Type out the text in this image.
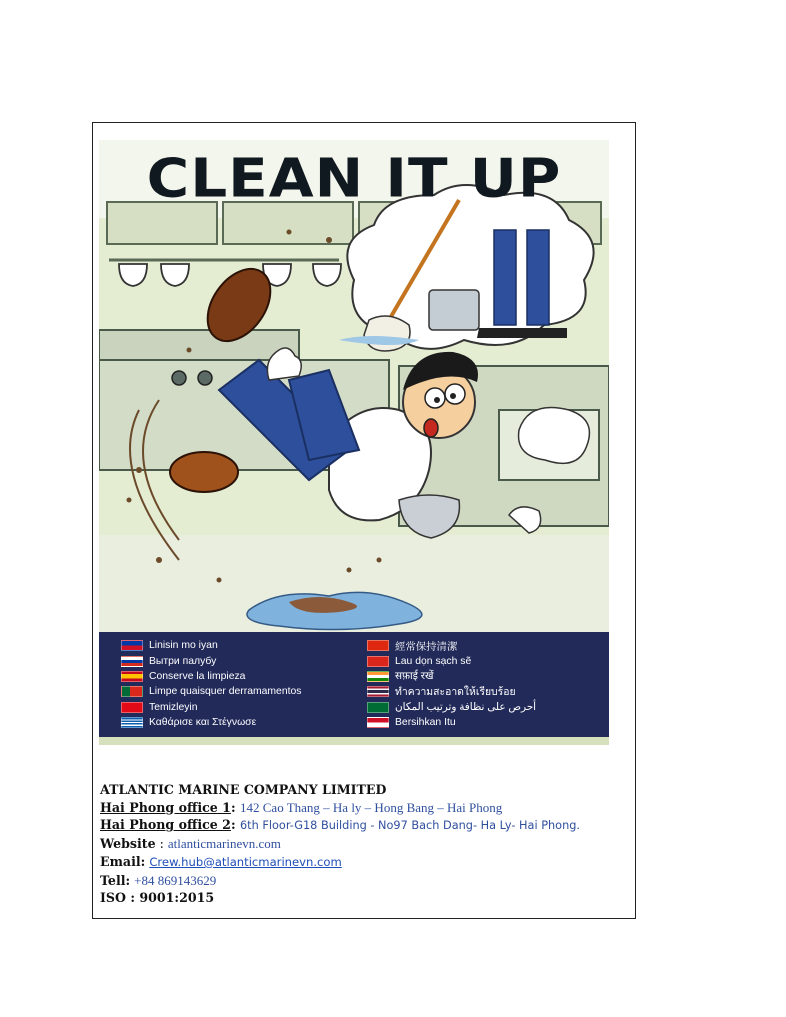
CLEAN IT UP
Linisin mo iyan
Вытри палубу
Conserve la limpieza
Limpe quaisquer derramamentos
Temizleyin
Καθάρισε και Στέγνωσε
經常保持清潔
Lau dọn sạch sẽ
सफ़ाई रखें
ทำความสะอาดให้เรียบร้อย
أحرص على نظافة وترتيب المكان
Bersihkan Itu
ATLANTIC MARINE COMPANY LIMITED
Hai Phong office 1: 142 Cao Thang – Ha ly – Hong Bang – Hai Phong
Hai Phong office 2: 6th Floor-G18 Building - No97 Bach Dang- Ha Ly- Hai Phong.
Website : atlanticmarinevn.com
Email: Crew.hub@atlanticmarinevn.com
Tell: +84 869143629
ISO : 9001:2015
